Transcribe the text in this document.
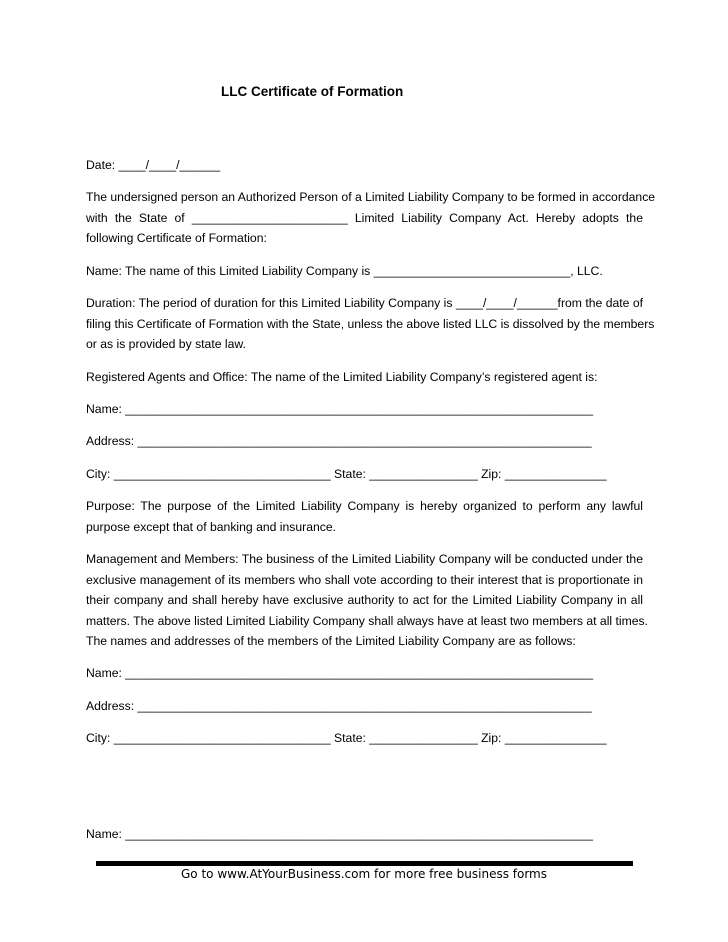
LLC Certificate of Formation
Date: ____/____/______
The undersigned person an Authorized Person of a Limited Liability Company to be formed in accordance
with the State of _______________________ Limited Liability Company Act. Hereby adopts the
following Certificate of Formation:
Name: The name of this Limited Liability Company is _____________________________, LLC.
Duration: The period of duration for this Limited Liability Company is ____/____/______from the date of
filing this Certificate of Formation with the State, unless the above listed LLC is dissolved by the members
or as is provided by state law.
Registered Agents and Office: The name of the Limited Liability Company’s registered agent is:
Name: _____________________________________________________________________
Address: ___________________________________________________________________
City: ________________________________ State: ________________ Zip: _______________
Purpose: The purpose of the Limited Liability Company is hereby organized to perform any lawful
purpose except that of banking and insurance.
Management and Members: The business of the Limited Liability Company will be conducted under the
exclusive management of its members who shall vote according to their interest that is proportionate in
their company and shall hereby have exclusive authority to act for the Limited Liability Company in all
matters. The above listed Limited Liability Company shall always have at least two members at all times.
The names and addresses of the members of the Limited Liability Company are as follows:
Name: _____________________________________________________________________
Address: ___________________________________________________________________
City: ________________________________ State: ________________ Zip: _______________
Name: _____________________________________________________________________
Go to www.AtYourBusiness.com for more free business forms
